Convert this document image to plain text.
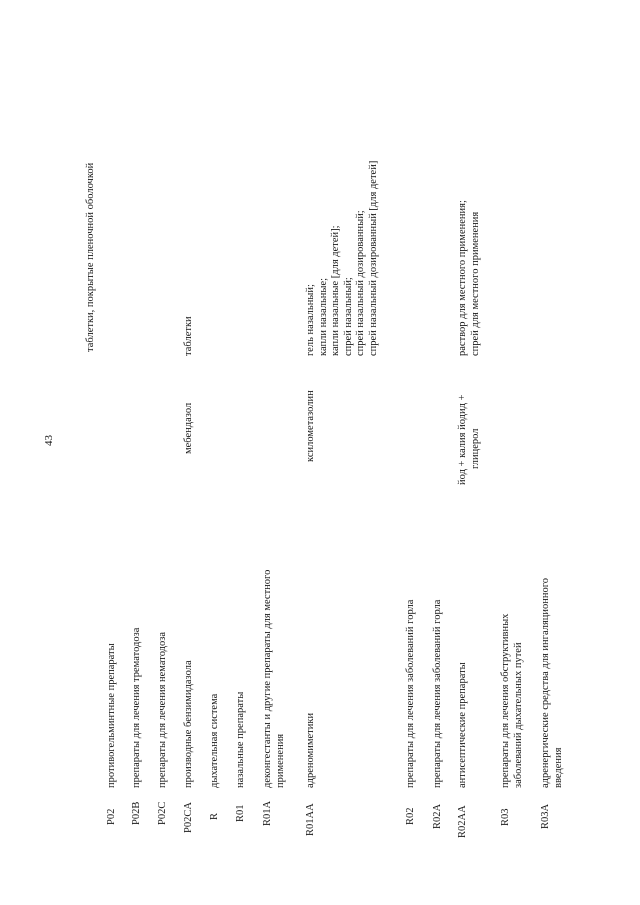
43
P02
противогельминтные препараты
таблетки, покрытые пленочной оболочкой
P02B
препараты для лечения трематодоза
P02C
препараты для лечения нематодоза
P02CA
производные бензимидазола
мебендазол
таблетки
R
дыхательная система
R01
назальные препараты
R01A
деконгестанты и другие препараты для местного применения
R01AA
адреномиметики
ксилометазолин
гель назальный; капли назальные; капли назальные [для детей]; спрей назальный; спрей назальный дозированный; спрей назальный дозированный [для детей]
R02
препараты для лечения заболеваний горла
R02A
препараты для лечения заболеваний горла
R02AA
антисептические препараты
йод + калия йодид + глицерол
раствор для местного применения; спрей для местного применения
R03
препараты для лечения обструктивных заболеваний дыхательных путей
R03A
адренергические средства для ингаляционного введения
